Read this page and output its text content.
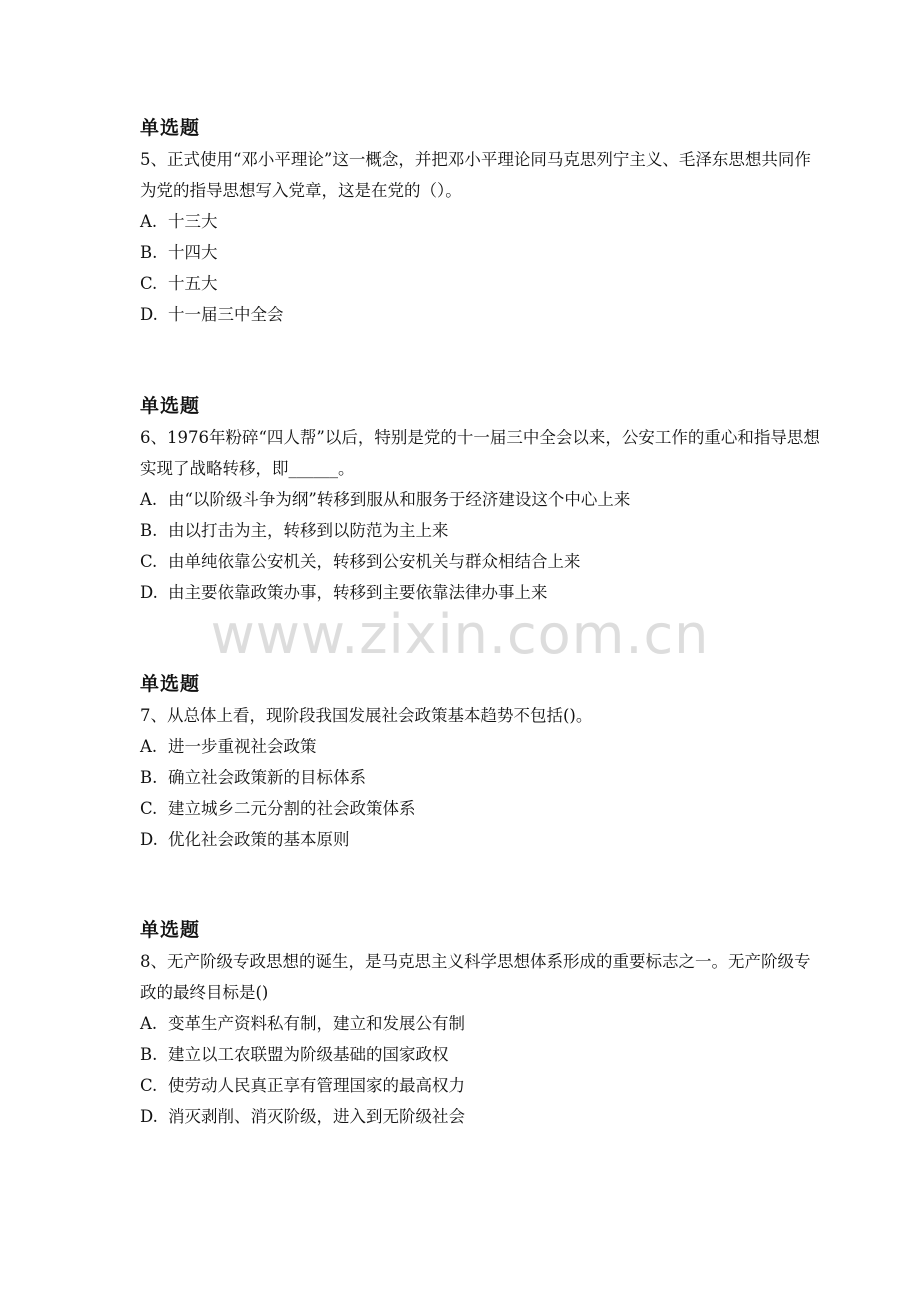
www.zixin.com.cn
单选题
5、正式使用“邓小平理论”这一概念，并把邓小平理论同马克思列宁主义、毛泽东思想共同作为党的指导思想写入党章，这是在党的（）。
A. 十三大
B. 十四大
C. 十五大
D. 十一届三中全会
单选题
6、1976年粉碎“四人帮”以后，特别是党的十一届三中全会以来，公安工作的重心和指导思想实现了战略转移，即______。
A. 由“以阶级斗争为纲”转移到服从和服务于经济建设这个中心上来
B. 由以打击为主，转移到以防范为主上来
C. 由单纯依靠公安机关，转移到公安机关与群众相结合上来
D. 由主要依靠政策办事，转移到主要依靠法律办事上来
单选题
7、从总体上看，现阶段我国发展社会政策基本趋势不包括()。
A. 进一步重视社会政策
B. 确立社会政策新的目标体系
C. 建立城乡二元分割的社会政策体系
D. 优化社会政策的基本原则
单选题
8、无产阶级专政思想的诞生，是马克思主义科学思想体系形成的重要标志之一。无产阶级专政的最终目标是()
A. 变革生产资料私有制，建立和发展公有制
B. 建立以工农联盟为阶级基础的国家政权
C. 使劳动人民真正享有管理国家的最高权力
D. 消灭剥削、消灭阶级，进入到无阶级社会
